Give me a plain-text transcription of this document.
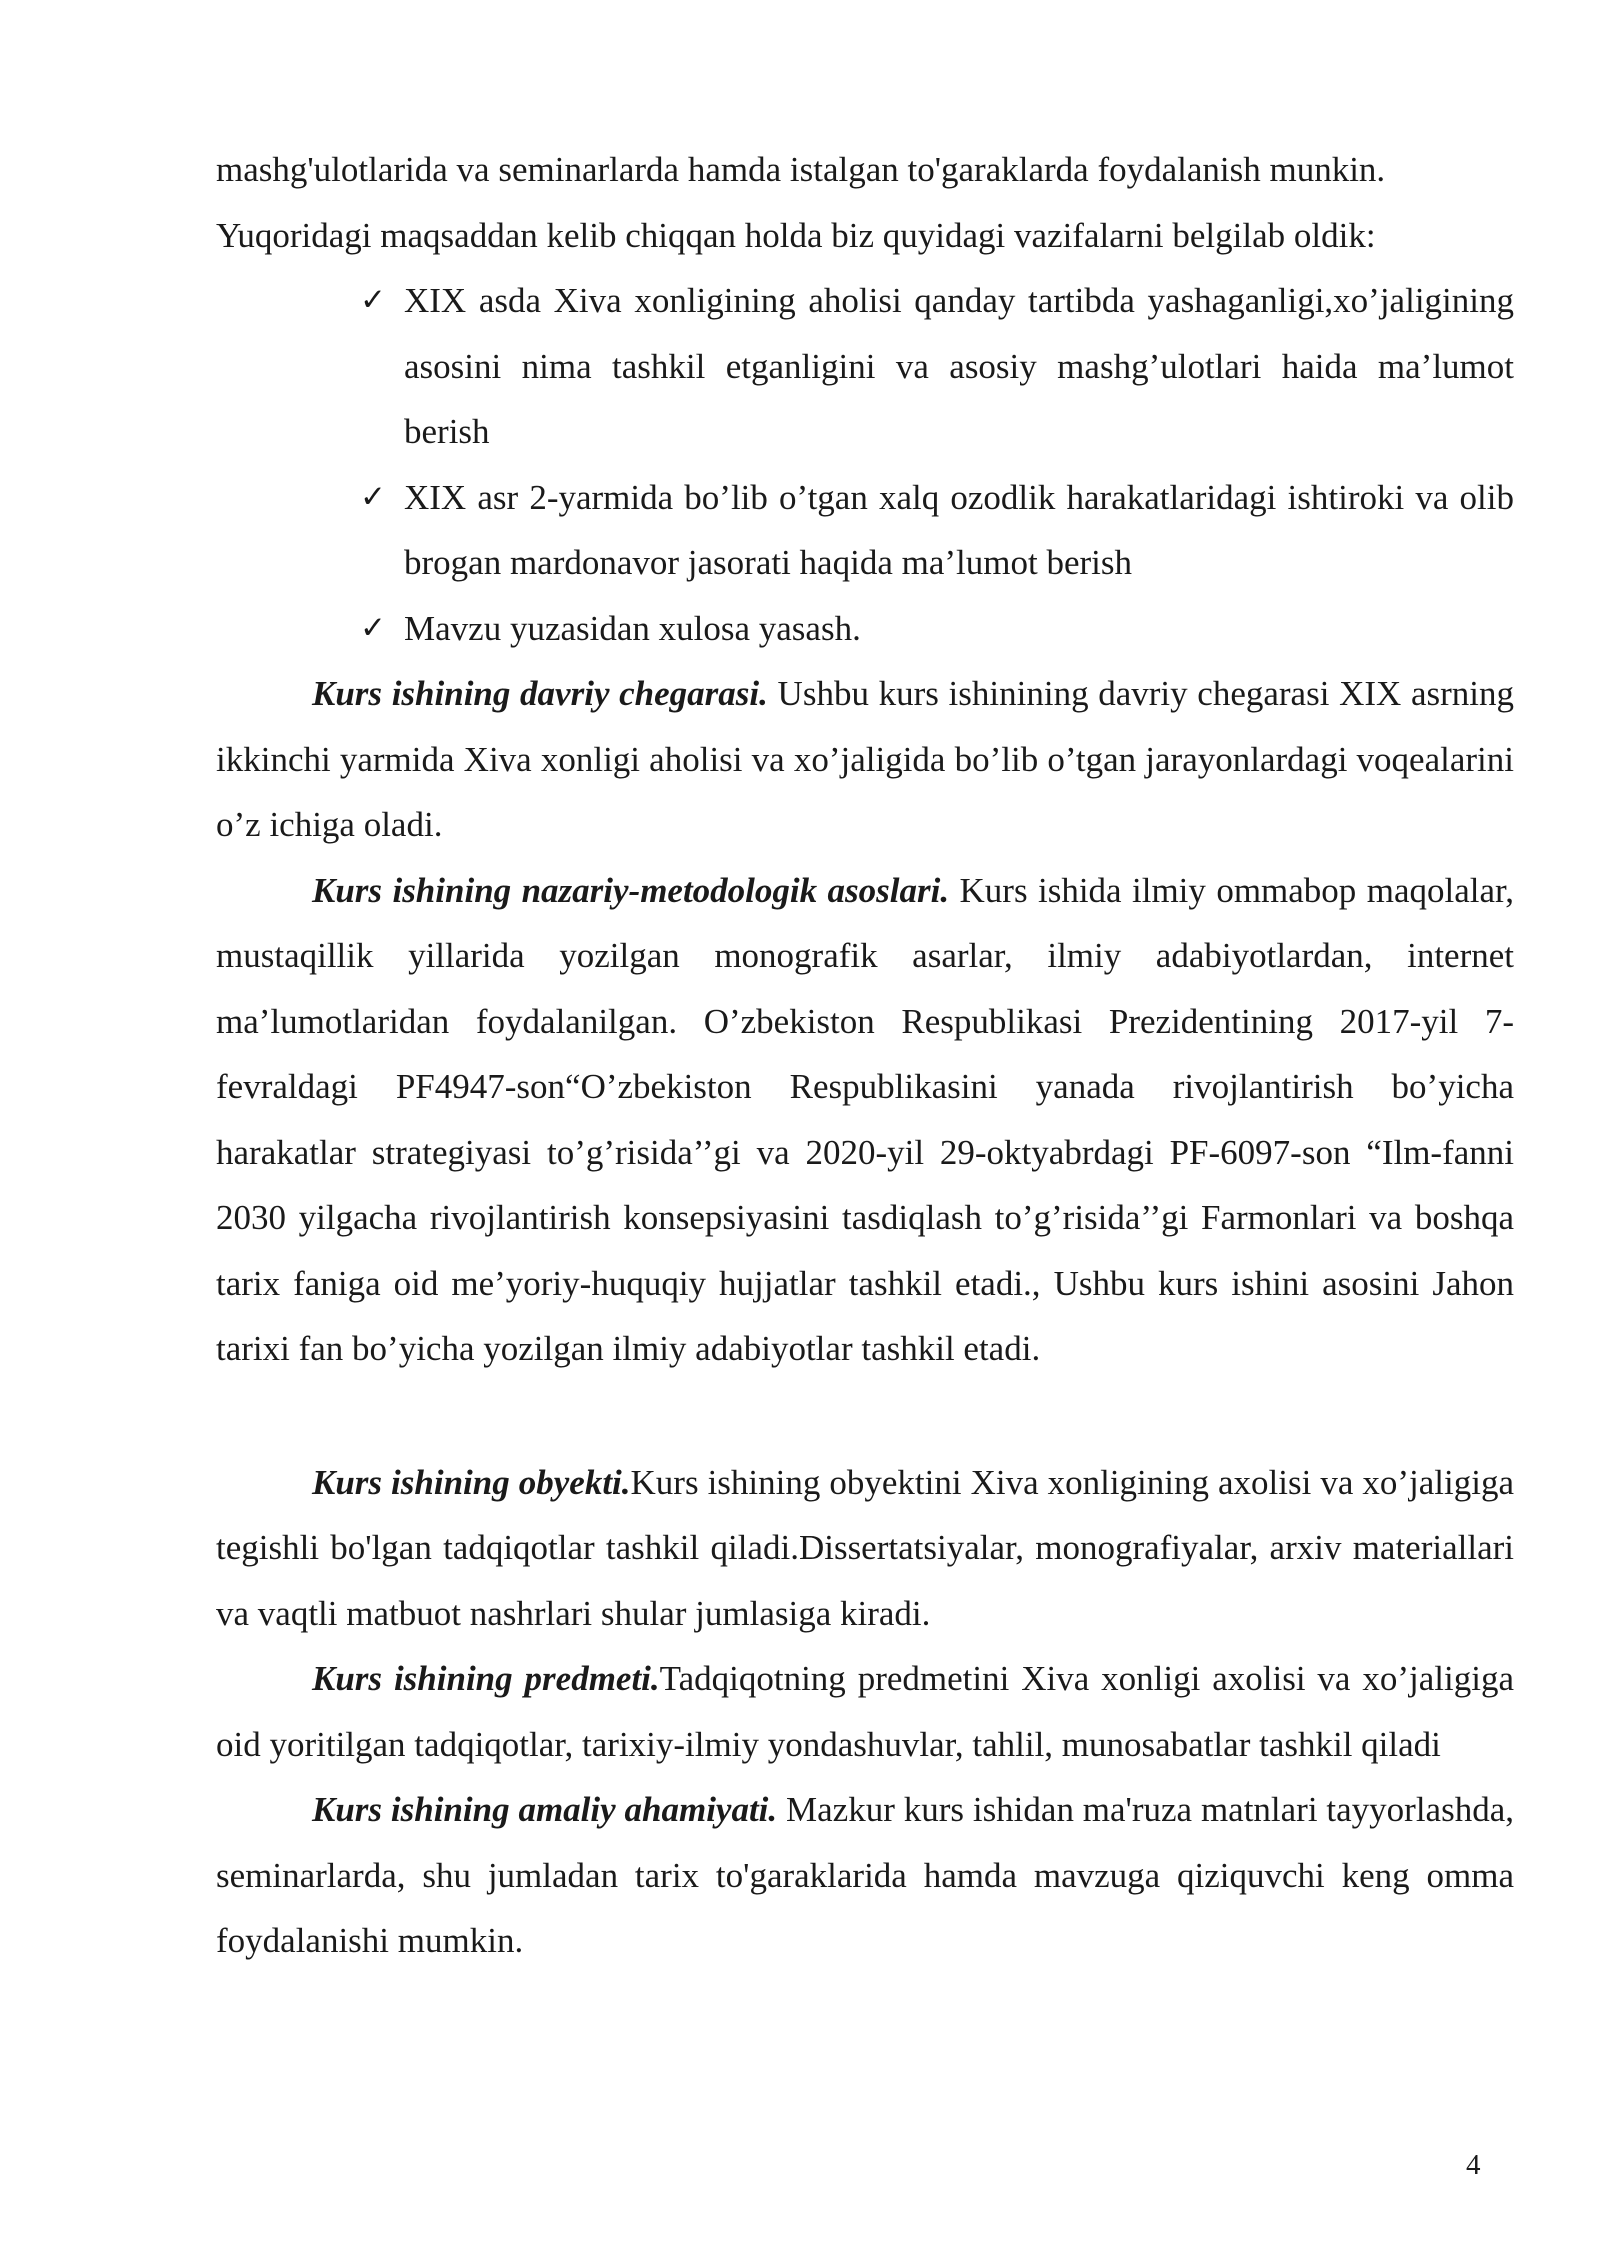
mashg'ulotlarida va seminarlarda hamda istalgan to'garaklarda foydalanish munkin.
Yuqoridagi maqsaddan kelib chiqqan holda biz quyidagi vazifalarni belgilab oldik:

✓ XIX asda Xiva xonligining aholisi qanday tartibda yashaganligi,xo’jaligining asosini nima tashkil etganligini va asosiy mashg’ulotlari haida ma’lumot berish
✓ XIX asr 2-yarmida bo’lib o’tgan xalq ozodlik harakatlaridagi ishtiroki va olib brogan mardonavor jasorati haqida ma’lumot berish
✓ Mavzu yuzasidan xulosa yasash.

Kurs ishining davriy chegarasi. Ushbu kurs ishinining davriy chegarasi XIX asrning ikkinchi yarmida Xiva xonligi aholisi va xo’jaligida bo’lib o’tgan jarayonlardagi voqealarini o’z ichiga oladi.

Kurs ishining nazariy-metodologik asoslari. Kurs ishida ilmiy ommabop maqolalar, mustaqillik yillarida yozilgan monografik asarlar, ilmiy adabiyotlardan, internet ma’lumotlaridan foydalanilgan. O’zbekiston Respublikasi Prezidentining 2017-yil 7-fevraldagi PF4947-son“O’zbekiston Respublikasini yanada rivojlantirish bo’yicha harakatlar strategiyasi to’g’risida’’gi va 2020-yil 29-oktyabrdagi PF-6097-son “Ilm-fanni 2030 yilgacha rivojlantirish konsepsiyasini tasdiqlash to’g’risida’’gi Farmonlari va boshqa tarix faniga oid me’yoriy-huquqiy hujjatlar tashkil etadi., Ushbu kurs ishini asosini Jahon tarixi fan bo’yicha yozilgan ilmiy adabiyotlar tashkil etadi.

Kurs ishining obyekti.Kurs ishining obyektini Xiva xonligining axolisi va xo’jaligiga tegishli bo'lgan tadqiqotlar tashkil qiladi.Dissertatsiyalar, monografiyalar, arxiv materiallari va vaqtli matbuot nashrlari shular jumlasiga kiradi.

Kurs ishining predmeti.Tadqiqotning predmetini Xiva xonligi axolisi va xo’jaligiga oid yoritilgan tadqiqotlar, tarixiy-ilmiy yondashuvlar, tahlil, munosabatlar tashkil qiladi

Kurs ishining amaliy ahamiyati. Mazkur kurs ishidan ma'ruza matnlari tayyorlashda, seminarlarda, shu jumladan tarix to'garaklarida hamda mavzuga qiziquvchi keng omma foydalanishi mumkin.

4
